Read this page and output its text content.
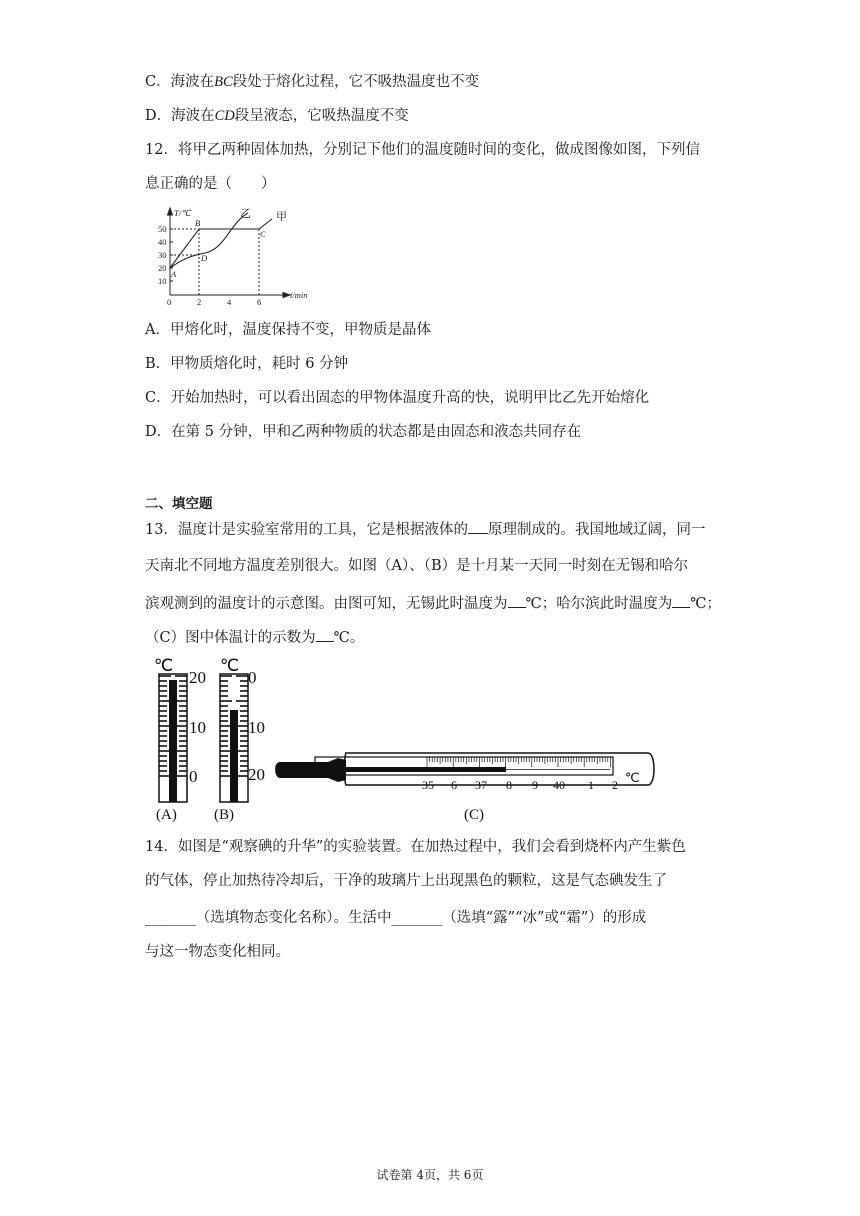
C．海波在BC段处于熔化过程，它不吸热温度也不变
D．海波在CD段呈液态，它吸热温度不变
12．将甲乙两种固体加热，分别记下他们的温度随时间的变化，做成图像如图，下列信
息正确的是（　　）
10
20
30
40
50
0	2	4	6
T/℃
t/min
A
B
C
D
甲
乙
A．甲熔化时，温度保持不变，甲物质是晶体
B．甲物质熔化时，耗时 6 分钟
C．开始加热时，可以看出固态的甲物体温度升高的快，说明甲比乙先开始熔化
D．在第 5 分钟，甲和乙两种物质的状态都是由固态和液态共同存在
二、填空题
13．温度计是实验室常用的工具，它是根据液体的 原理制成的。我国地域辽阔，同一
天南北不同地方温度差别很大。如图（A）、（B）是十月某一天同一时刻在无锡和哈尔
滨观测到的温度计的示意图。由图可知，无锡此时温度为 ℃；哈尔滨此时温度为 ℃；
（C）图中体温计的示数为 ℃。
℃
20
10
0
(A)
℃
0
10
20
(B)
35 6 37 8 9 40 1 2 ℃
(C)
14．如图是“观察碘的升华”的实验装置。在加热过程中，我们会看到烧杯内产生紫色
的气体，停止加热待冷却后，干净的玻璃片上出现黑色的颗粒，这是气态碘发生了
_______（选填物态变化名称）。生活中_______（选填“露”“冰”或“霜”）的形成
与这一物态变化相同。
试卷第 4页，共 6页
